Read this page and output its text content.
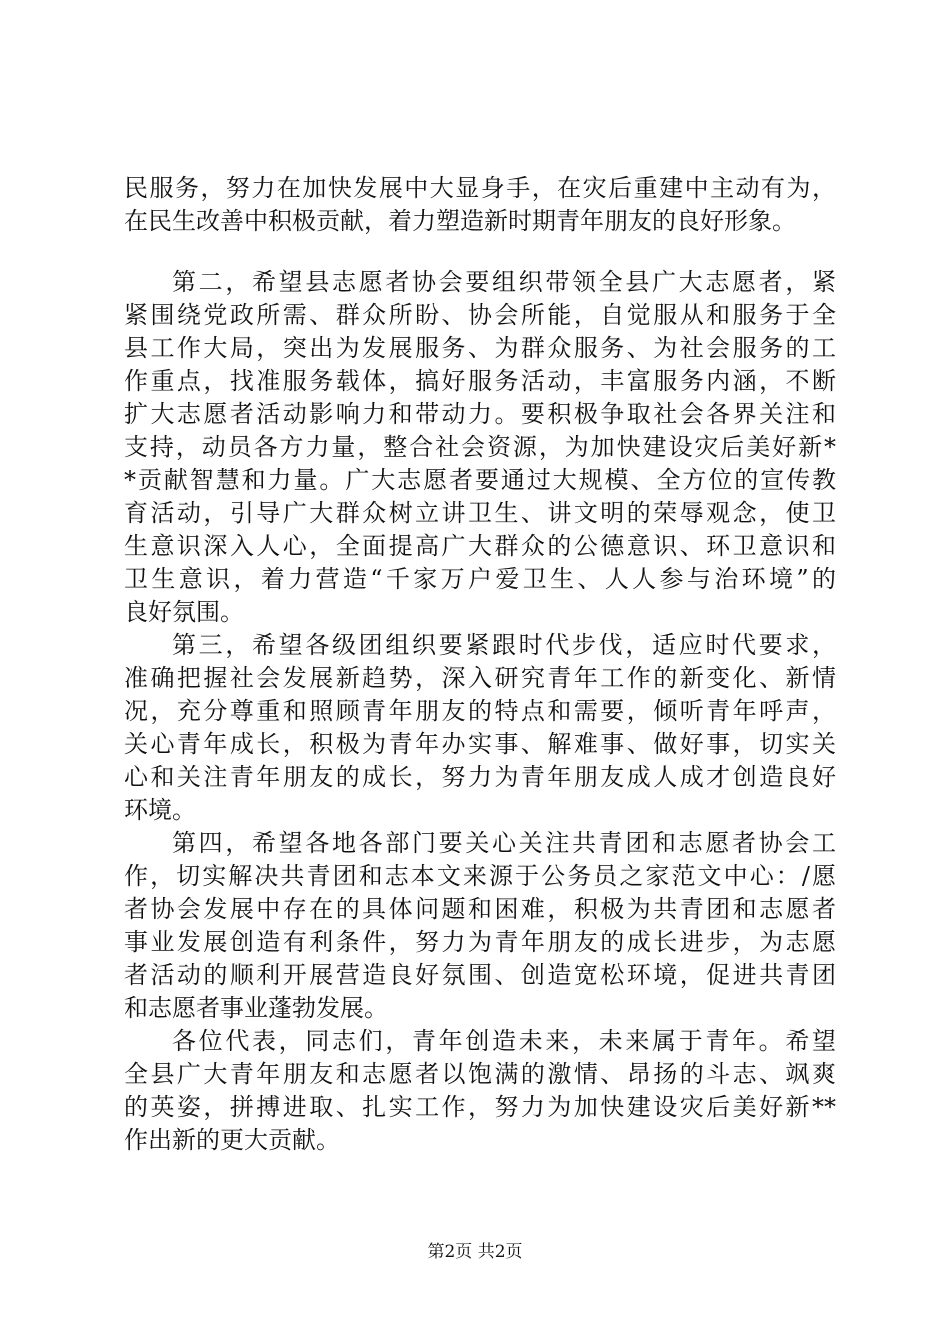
民服务，努力在加快发展中大显身手，在灾后重建中主动有为，
在民生改善中积极贡献，着力塑造新时期青年朋友的良好形象。
第二，希望县志愿者协会要组织带领全县广大志愿者，紧
紧围绕党政所需、群众所盼、协会所能，自觉服从和服务于全
县工作大局，突出为发展服务、为群众服务、为社会服务的工
作重点，找准服务载体，搞好服务活动，丰富服务内涵，不断
扩大志愿者活动影响力和带动力。要积极争取社会各界关注和
支持，动员各方力量，整合社会资源，为加快建设灾后美好新*
*贡献智慧和力量。广大志愿者要通过大规模、全方位的宣传教
育活动，引导广大群众树立讲卫生、讲文明的荣辱观念，使卫
生意识深入人心，全面提高广大群众的公德意识、环卫意识和
卫生意识，着力营造“千家万户爱卫生、人人参与治环境”的
良好氛围。
第三，希望各级团组织要紧跟时代步伐，适应时代要求，
准确把握社会发展新趋势，深入研究青年工作的新变化、新情
况，充分尊重和照顾青年朋友的特点和需要，倾听青年呼声，
关心青年成长，积极为青年办实事、解难事、做好事，切实关
心和关注青年朋友的成长，努力为青年朋友成人成才创造良好
环境。
第四，希望各地各部门要关心关注共青团和志愿者协会工
作，切实解决共青团和志本文来源于公务员之家范文中心：/愿
者协会发展中存在的具体问题和困难，积极为共青团和志愿者
事业发展创造有利条件，努力为青年朋友的成长进步，为志愿
者活动的顺利开展营造良好氛围、创造宽松环境，促进共青团
和志愿者事业蓬勃发展。
各位代表，同志们，青年创造未来，未来属于青年。希望
全县广大青年朋友和志愿者以饱满的激情、昂扬的斗志、飒爽
的英姿，拼搏进取、扎实工作，努力为加快建设灾后美好新**
作出新的更大贡献。
第2页 共2页
